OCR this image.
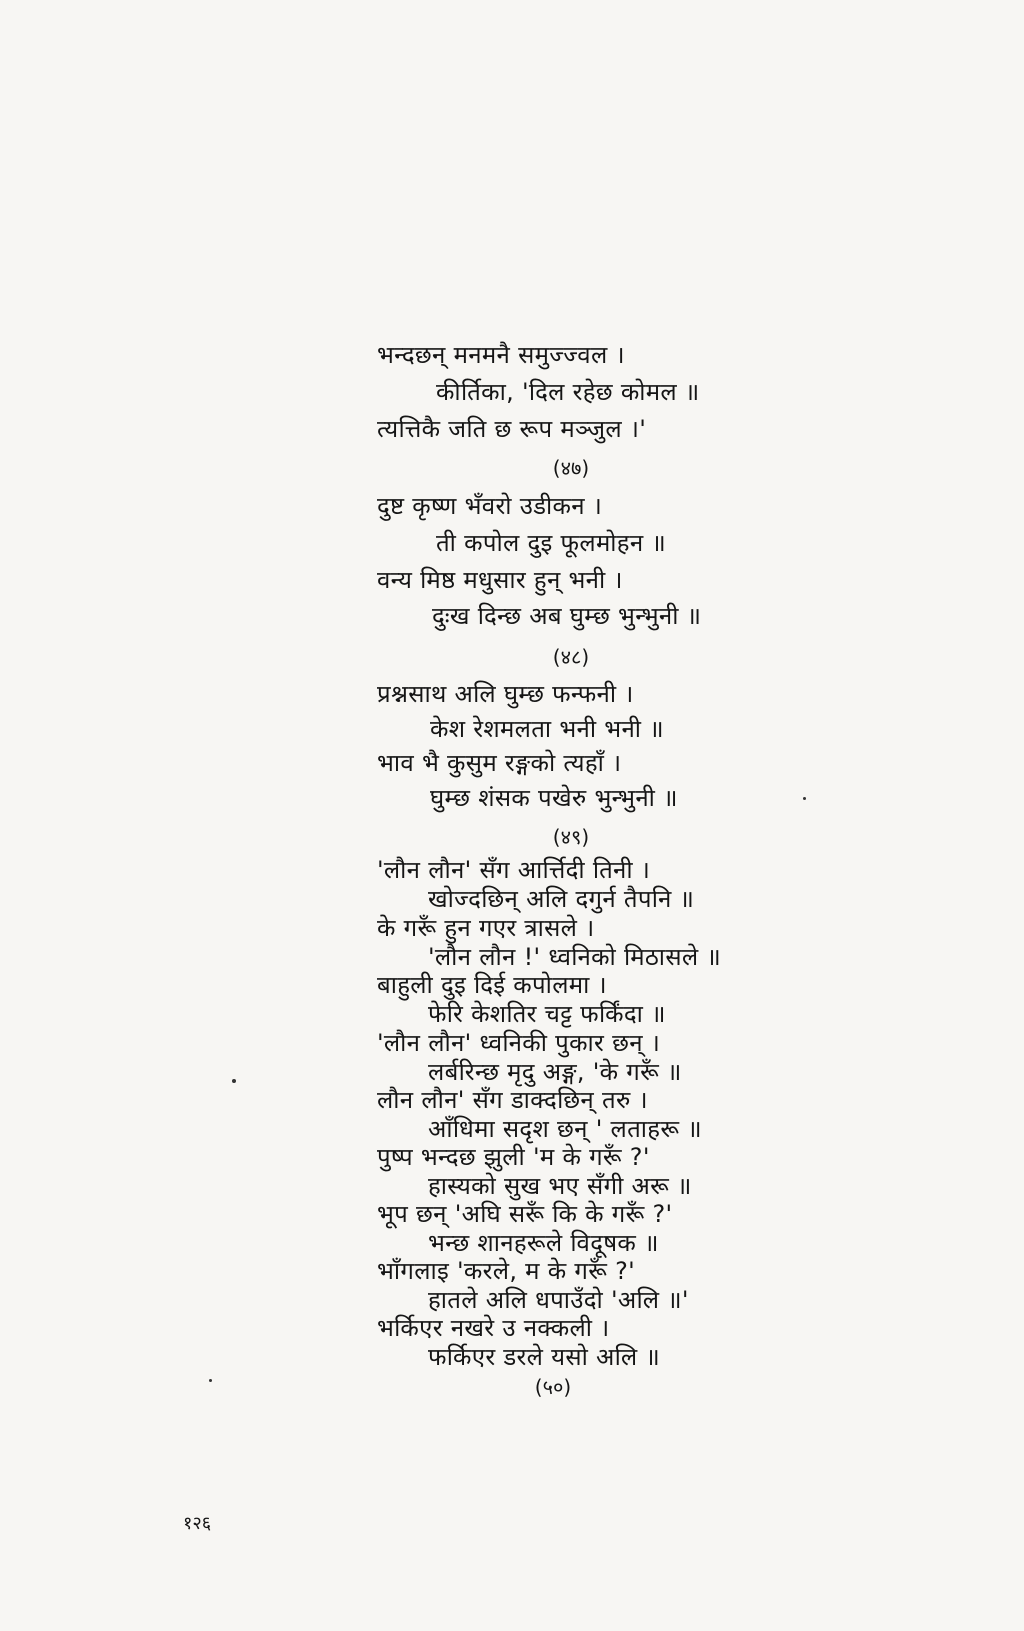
भन्दछन् मनमनै समुज्ज्वल ।
कीर्तिका, 'दिल रहेछ कोमल ॥
त्यत्तिकै जति छ रूप मञ्जुल ।'
(४७)
दुष्ट कृष्ण भँवरो उडीकन ।
ती कपोल दुइ फूलमोहन ॥
वन्य मिष्ठ मधुसार हुन् भनी ।
दुःख दिन्छ अब घुम्छ भुन्भुनी ॥
(४८)
प्रश्नसाथ अलि घुम्छ फन्फनी ।
केश रेशमलता भनी भनी ॥
भाव भै कुसुम रङ्गको त्यहाँ ।
घुम्छ शंसक पखेरु भुन्भुनी ॥
(४९)
'लौन लौन' सँग आर्त्तिदी तिनी ।
खोज्दछिन् अलि दगुर्न तैपनि ॥
के गरूँ हुन गएर त्रासले ।
'लौन लौन !' ध्वनिको मिठासले ॥
बाहुली दुइ दिई कपोलमा ।
फेरि केशतिर चट्ट फर्किंदा ॥
'लौन लौन' ध्वनिकी पुकार छन् ।
लर्बरिन्छ मृदु अङ्ग, 'के गरूँ ॥
लौन लौन' सँग डाक्दछिन् तरु ।
आँधिमा सदृश छन् ' लताहरू ॥
पुष्प भन्दछ झुली 'म के गरूँ ?'
हास्यको सुख भए सँगी अरू ॥
भूप छन् 'अघि सरूँ कि के गरूँ ?'
भन्छ शानहरूले विदूषक ॥
भाँगलाइ 'करले, म के गरूँ ?'
हातले अलि धपाउँदो 'अलि ॥'
भर्किएर नखरे उ नक्कली ।
फर्किएर डरले यसो अलि ॥
(५०)
१२६
